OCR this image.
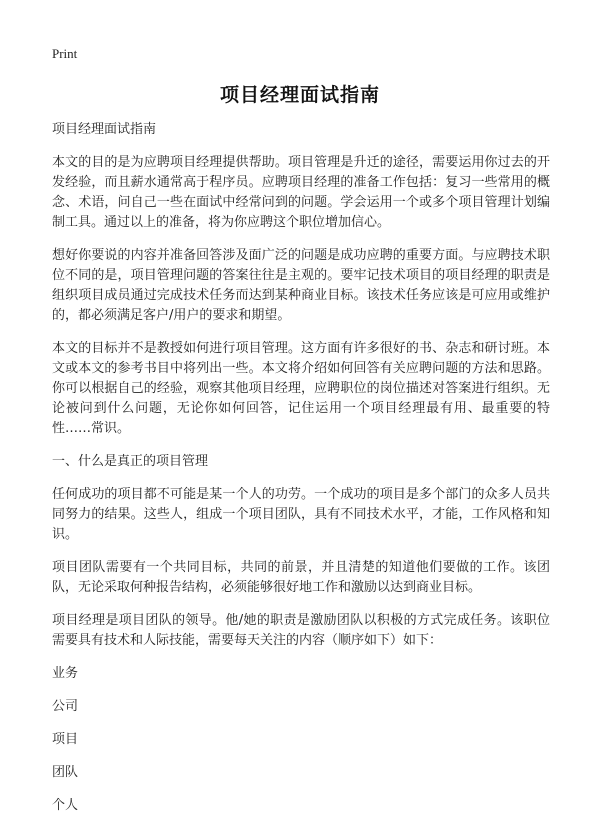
Print
项目经理面试指南

项目经理面试指南

本文的目的是为应聘项目经理提供帮助。项目管理是升迁的途径，需要运用你过去的开发经验，而且薪水通常高于程序员。应聘项目经理的准备工作包括：复习一些常用的概念、术语，问自己一些在面试中经常问到的问题。学会运用一个或多个项目管理计划编制工具。通过以上的准备，将为你应聘这个职位增加信心。

想好你要说的内容并准备回答涉及面广泛的问题是成功应聘的重要方面。与应聘技术职位不同的是，项目管理问题的答案往往是主观的。要牢记技术项目的项目经理的职责是组织项目成员通过完成技术任务而达到某种商业目标。该技术任务应该是可应用或维护的，都必须满足客户/用户的要求和期望。

本文的目标并不是教授如何进行项目管理。这方面有许多很好的书、杂志和研讨班。本文或本文的参考书目中将列出一些。本文将介绍如何回答有关应聘问题的方法和思路。你可以根据自己的经验，观察其他项目经理，应聘职位的岗位描述对答案进行组织。无论被问到什么问题，无论你如何回答，记住运用一个项目经理最有用、最重要的特性……常识。

一、什么是真正的项目管理

任何成功的项目都不可能是某一个人的功劳。一个成功的项目是多个部门的众多人员共同努力的结果。这些人，组成一个项目团队，具有不同技术水平，才能，工作风格和知识。

项目团队需要有一个共同目标，共同的前景，并且清楚的知道他们要做的工作。该团队，无论采取何种报告结构，必须能够很好地工作和激励以达到商业目标。

项目经理是项目团队的领导。他/她的职责是激励团队以积极的方式完成任务。该职位需要具有技术和人际技能，需要每天关注的内容（顺序如下）如下：

业务
公司
项目
团队
个人
